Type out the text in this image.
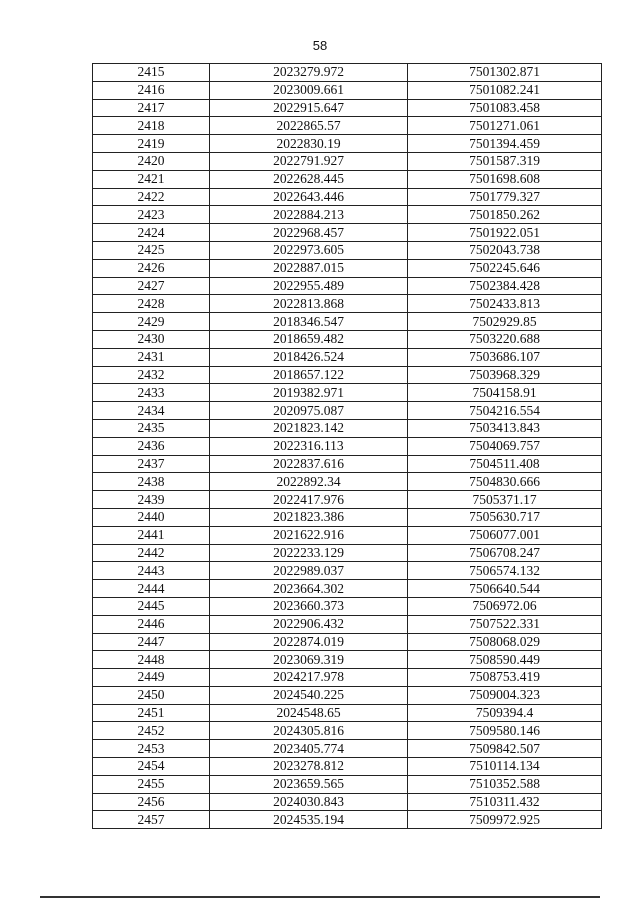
58
2415	2023279.972	7501302.871
2416	2023009.661	7501082.241
2417	2022915.647	7501083.458
2418	2022865.57	7501271.061
2419	2022830.19	7501394.459
2420	2022791.927	7501587.319
2421	2022628.445	7501698.608
2422	2022643.446	7501779.327
2423	2022884.213	7501850.262
2424	2022968.457	7501922.051
2425	2022973.605	7502043.738
2426	2022887.015	7502245.646
2427	2022955.489	7502384.428
2428	2022813.868	7502433.813
2429	2018346.547	7502929.85
2430	2018659.482	7503220.688
2431	2018426.524	7503686.107
2432	2018657.122	7503968.329
2433	2019382.971	7504158.91
2434	2020975.087	7504216.554
2435	2021823.142	7503413.843
2436	2022316.113	7504069.757
2437	2022837.616	7504511.408
2438	2022892.34	7504830.666
2439	2022417.976	7505371.17
2440	2021823.386	7505630.717
2441	2021622.916	7506077.001
2442	2022233.129	7506708.247
2443	2022989.037	7506574.132
2444	2023664.302	7506640.544
2445	2023660.373	7506972.06
2446	2022906.432	7507522.331
2447	2022874.019	7508068.029
2448	2023069.319	7508590.449
2449	2024217.978	7508753.419
2450	2024540.225	7509004.323
2451	2024548.65	7509394.4
2452	2024305.816	7509580.146
2453	2023405.774	7509842.507
2454	2023278.812	7510114.134
2455	2023659.565	7510352.588
2456	2024030.843	7510311.432
2457	2024535.194	7509972.925
